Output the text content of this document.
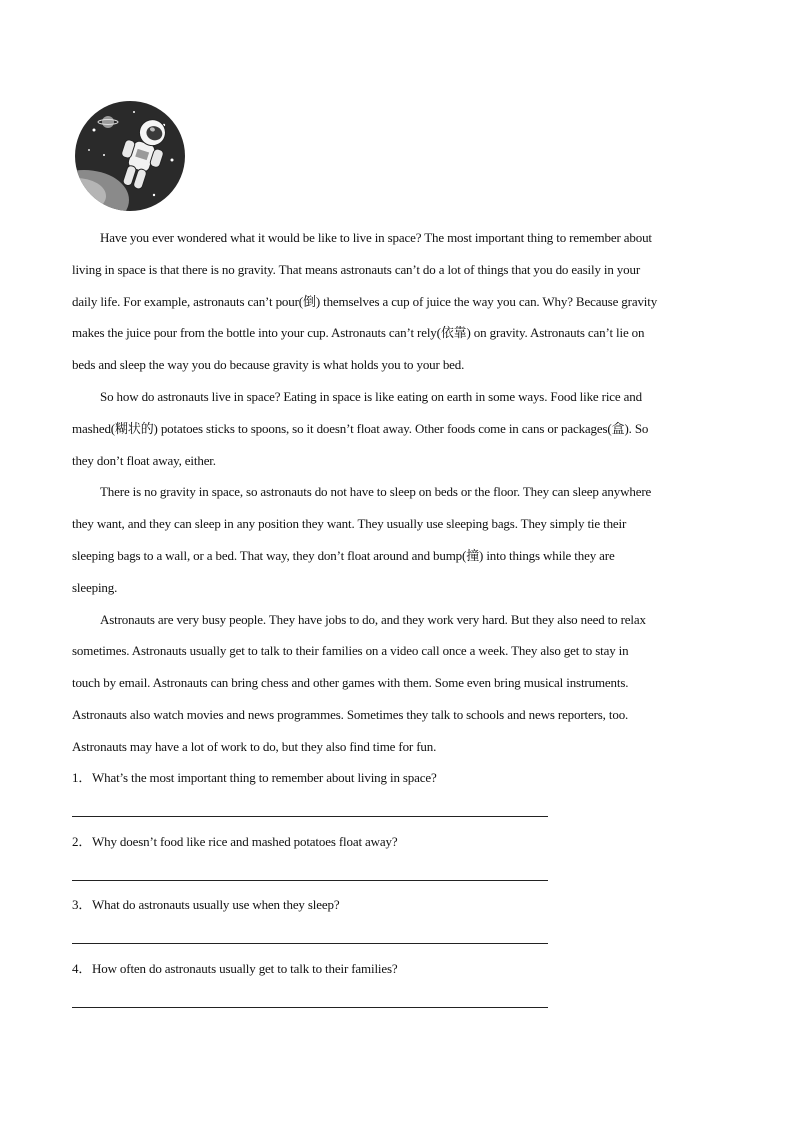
Have you ever wondered what it would be like to live in space? The most important thing to remember about
living in space is that there is no gravity. That means astronauts can’t do a lot of things that you do easily in your
daily life. For example, astronauts can’t pour(倒) themselves a cup of juice the way you can. Why? Because gravity
makes the juice pour from the bottle into your cup. Astronauts can’t rely(依靠) on gravity. Astronauts can’t lie on
beds and sleep the way you do because gravity is what holds you to your bed.
So how do astronauts live in space? Eating in space is like eating on earth in some ways. Food like rice and
mashed(糊状的) potatoes sticks to spoons, so it doesn’t float away. Other foods come in cans or packages(盒). So
they don’t float away, either.
There is no gravity in space, so astronauts do not have to sleep on beds or the floor. They can sleep anywhere
they want, and they can sleep in any position they want. They usually use sleeping bags. They simply tie their
sleeping bags to a wall, or a bed. That way, they don’t float around and bump(撞) into things while they are
sleeping.
Astronauts are very busy people. They have jobs to do, and they work very hard. But they also need to relax
sometimes. Astronauts usually get to talk to their families on a video call once a week. They also get to stay in
touch by email. Astronauts can bring chess and other games with them. Some even bring musical instruments.
Astronauts also watch movies and news programmes. Sometimes they talk to schools and news reporters, too.
Astronauts may have a lot of work to do, but they also find time for fun.
1．What’s the most important thing to remember about living in space?
2．Why doesn’t food like rice and mashed potatoes float away?
3．What do astronauts usually use when they sleep?
4．How often do astronauts usually get to talk to their families?
